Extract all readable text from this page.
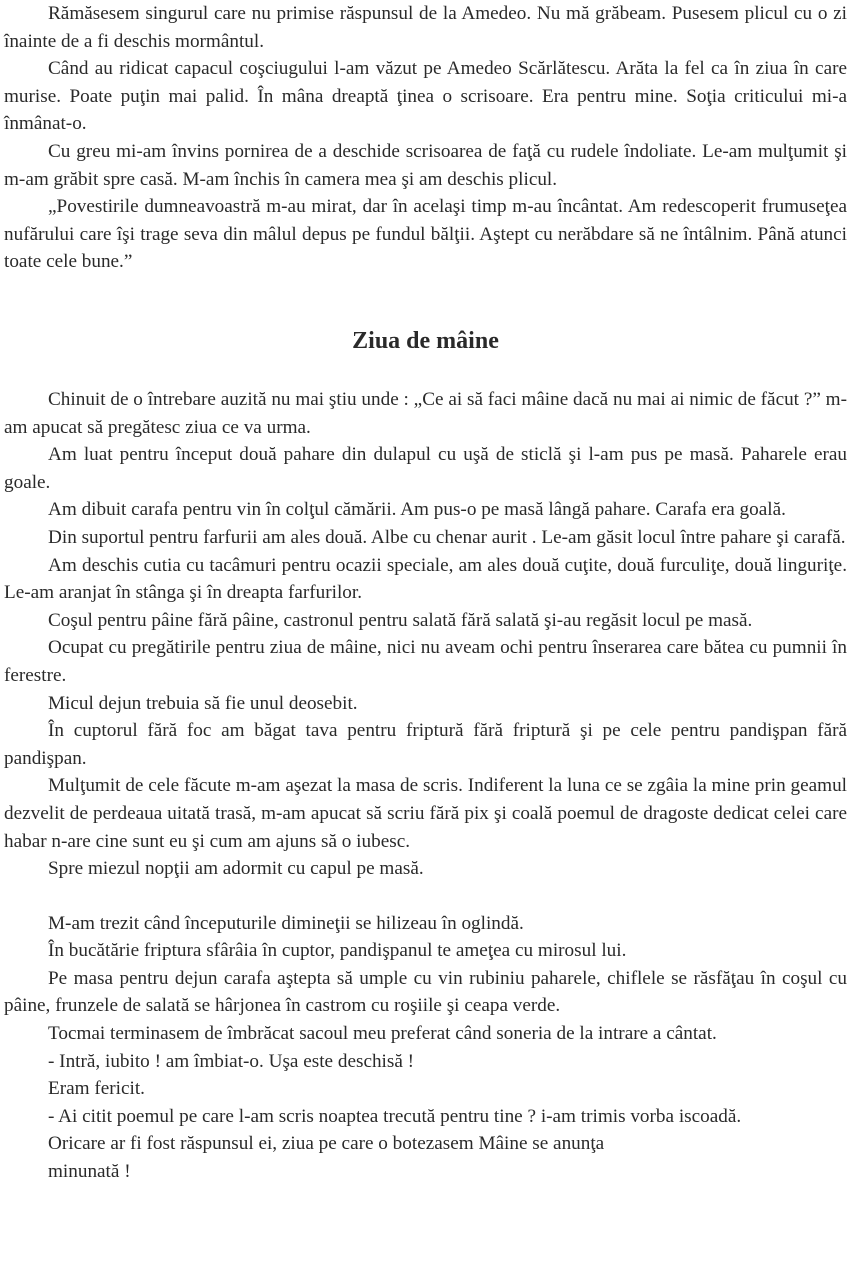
Rămăsesem singurul care nu primise răspunsul de la Amedeo. Nu mă grăbeam. Pusesem plicul cu o zi înainte de a fi deschis mormântul.

Când au ridicat capacul coşciugului l-am văzut pe Amedeo Scărlătescu. Arăta la fel ca în ziua în care murise. Poate puţin mai palid. În mâna dreaptă ţinea o scrisoare. Era pentru mine. Soţia criticului mi-a înmânat-o.

Cu greu mi-am învins pornirea de a deschide scrisoarea de faţă cu rudele îndoliate. Le-am mulţumit şi m-am grăbit spre casă. M-am închis în camera mea şi am deschis plicul.

„Povestirile dumneavoastră m-au mirat, dar în acelaşi timp m-au încântat. Am redescoperit frumuseţea nufărului care îşi trage seva din mâlul depus pe fundul bălţii. Aştept cu nerăbdare să ne întâlnim. Până atunci toate cele bune.”

Ziua de mâine

Chinuit de o întrebare auzită nu mai ştiu unde : „Ce ai să faci mâine dacă nu mai ai nimic de făcut ?” m-am apucat să pregătesc ziua ce va urma.

Am luat pentru început două pahare din dulapul cu uşă de sticlă şi l-am pus pe masă. Paharele erau goale.

Am dibuit carafa pentru vin în colţul cămării. Am pus-o pe masă lângă pahare. Carafa era goală.

Din suportul pentru farfurii am ales două. Albe cu chenar aurit . Le-am găsit locul între pahare şi carafă.

Am deschis cutia cu tacâmuri pentru ocazii speciale, am ales două cuţite, două furculiţe, două linguriţe. Le-am aranjat în stânga şi în dreapta farfurilor.

Coşul pentru pâine fără pâine, castronul pentru salată fără salată şi-au regăsit locul pe masă.

Ocupat cu pregătirile pentru ziua de mâine, nici nu aveam ochi pentru înserarea care bătea cu pumnii în ferestre.

Micul dejun trebuia să fie unul deosebit.

În cuptorul fără foc am băgat tava pentru friptură fără friptură şi pe cele pentru pandişpan fără pandişpan.

Mulţumit de cele făcute m-am aşezat la masa de scris. Indiferent la luna ce se zgâia la mine prin geamul dezvelit de perdeaua uitată trasă, m-am apucat să scriu fără pix şi coală poemul de dragoste dedicat celei care habar n-are cine sunt eu şi cum am ajuns să o iubesc.

Spre miezul nopţii am adormit cu capul pe masă.

M-am trezit când începuturile dimineţii se hilizeau în oglindă.

În bucătărie friptura sfârâia în cuptor, pandişpanul te ameţea cu mirosul lui.

Pe masa pentru dejun carafa aştepta să umple cu vin rubiniu paharele, chiflele se răsfăţau în coşul cu pâine, frunzele de salată se hârjonea în castrom cu roşiile şi ceapa verde.

Tocmai terminasem de îmbrăcat sacoul meu preferat când soneria de la intrare a cântat.

- Intră, iubito ! am îmbiat-o. Uşa este deschisă !

Eram fericit.

- Ai citit poemul pe care l-am scris noaptea trecută pentru tine ? i-am trimis vorba iscoadă.

Oricare ar fi fost răspunsul ei, ziua pe care o botezasem Mâine se anunţa

minunată !
